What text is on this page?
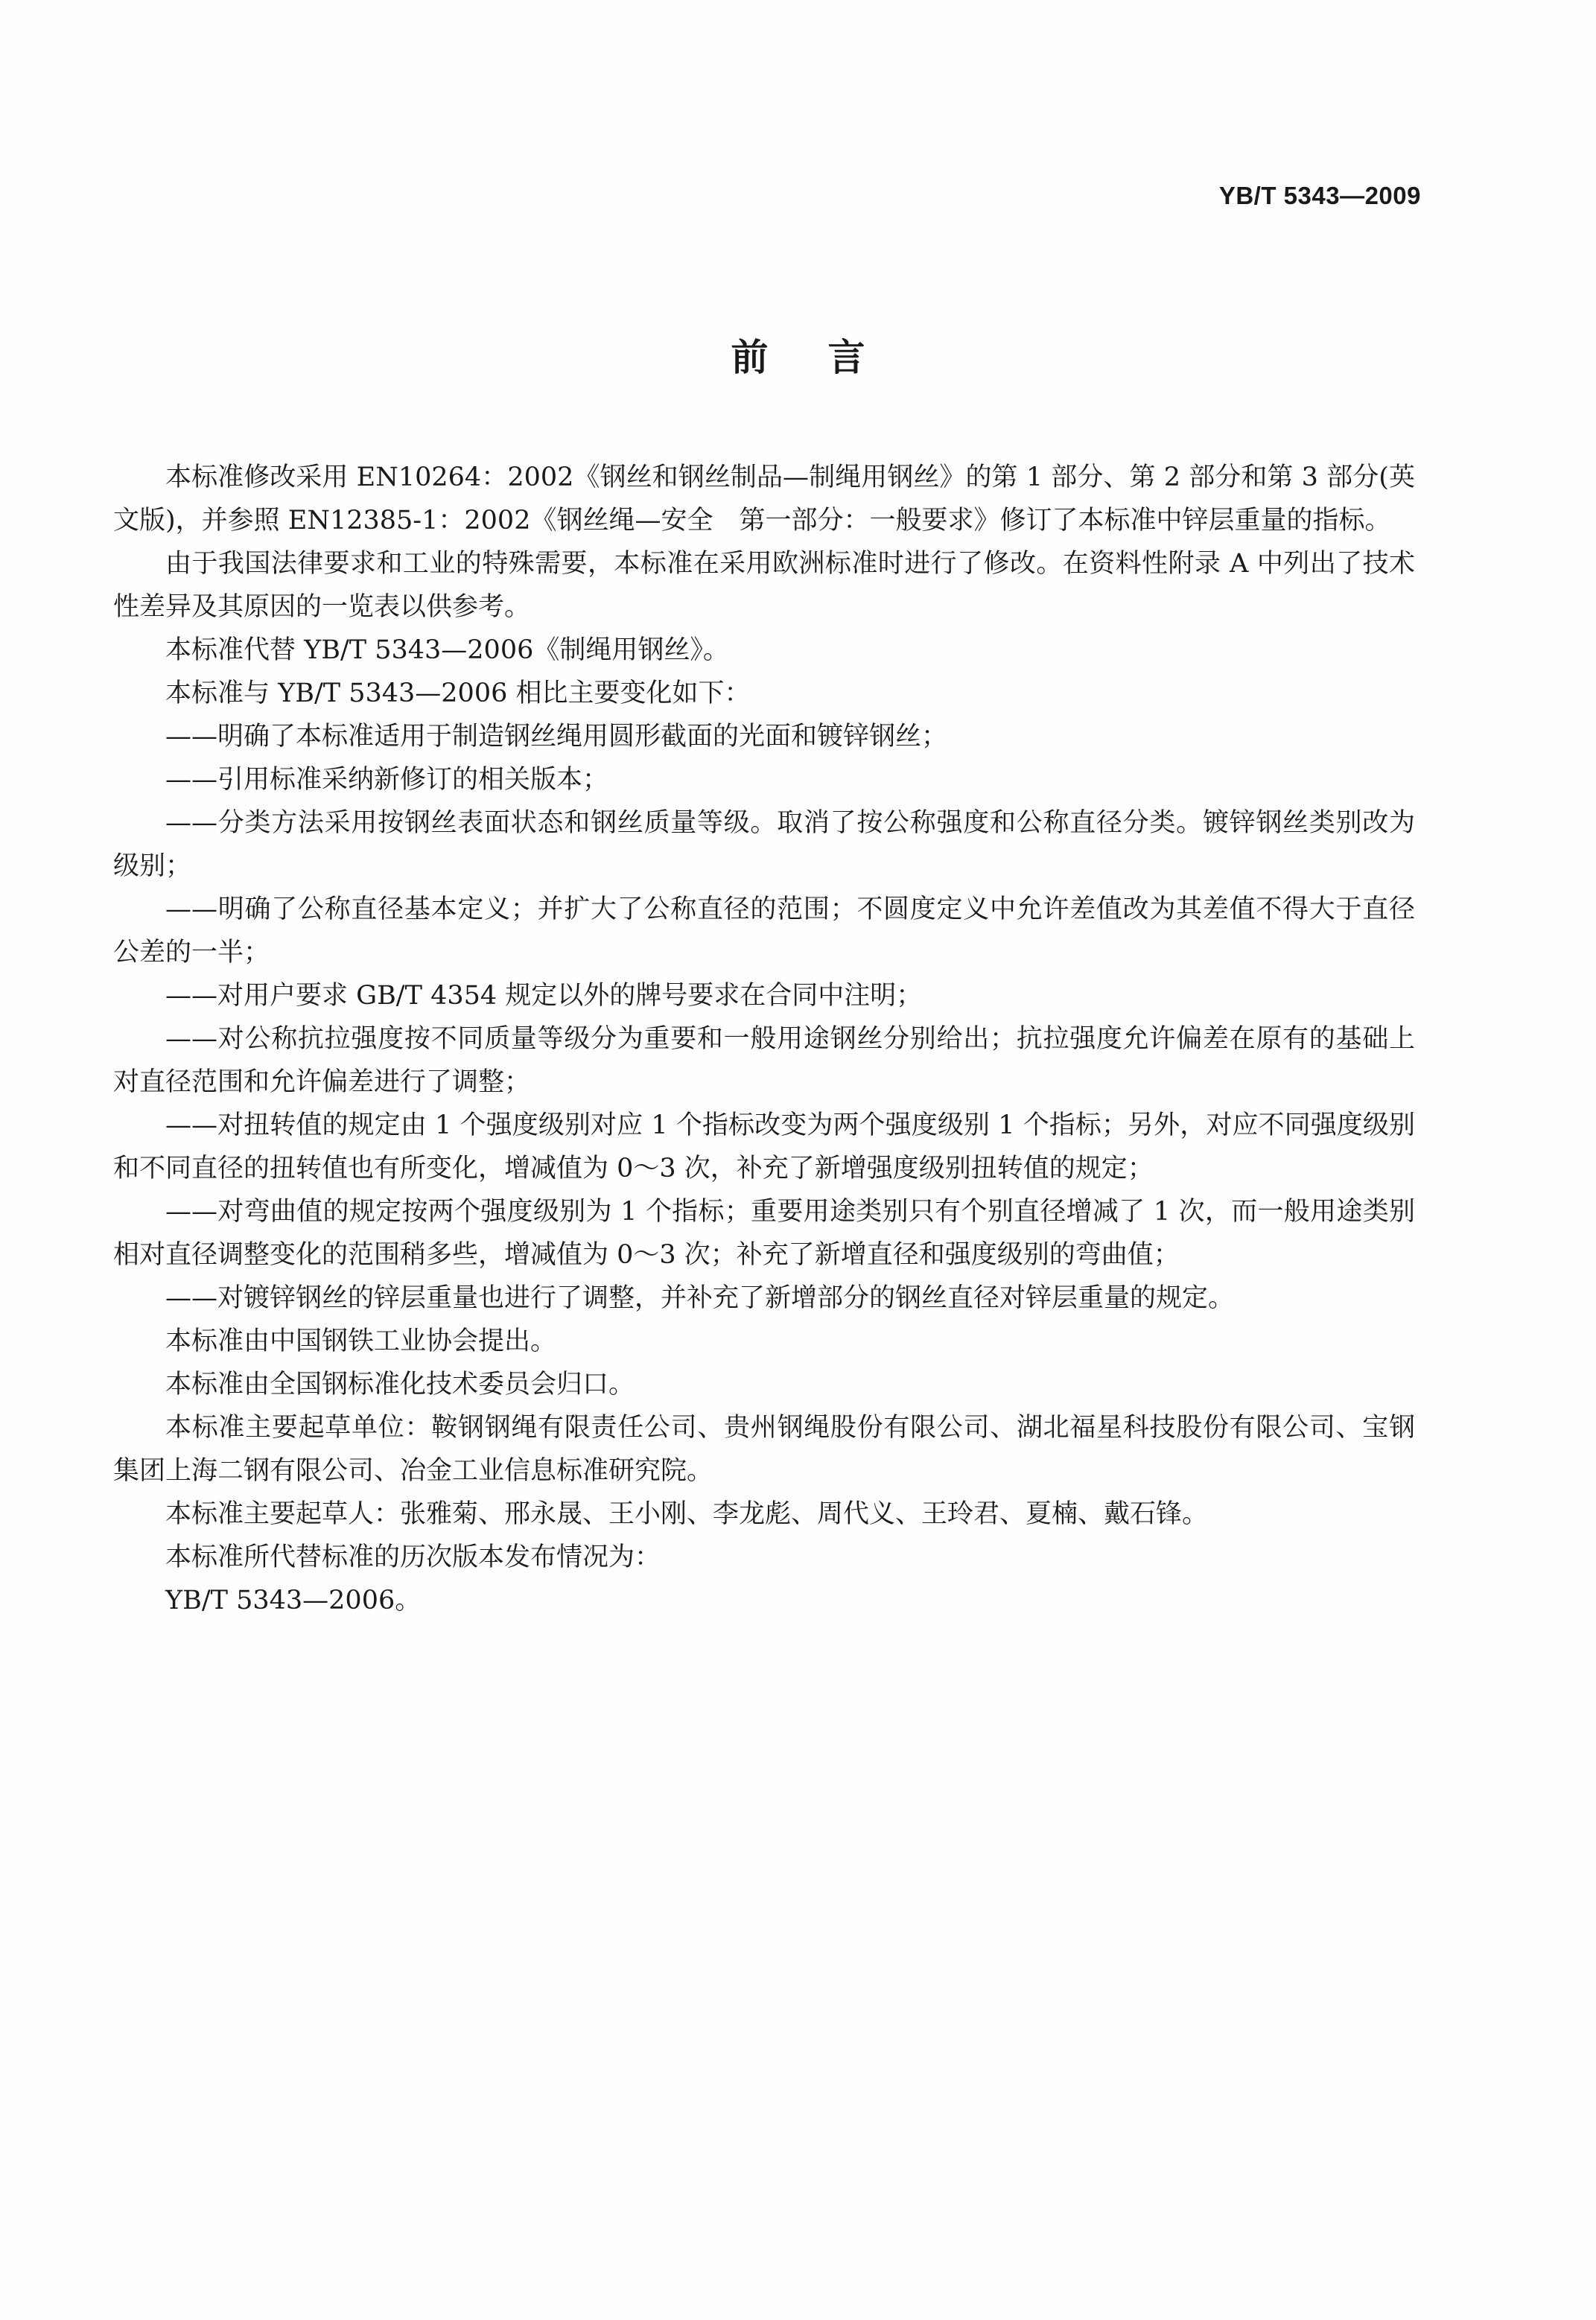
YB/T 5343—2009
前言

本标准修改采用 EN10264：2002《钢丝和钢丝制品—制绳用钢丝》的第 1 部分、第 2 部分和第 3 部分(英文版)，并参照 EN12385-1：2002《钢丝绳—安全　第一部分：一般要求》修订了本标准中锌层重量的指标。

由于我国法律要求和工业的特殊需要，本标准在采用欧洲标准时进行了修改。在资料性附录 A 中列出了技术性差异及其原因的一览表以供参考。

本标准代替 YB/T 5343—2006《制绳用钢丝》。

本标准与 YB/T 5343—2006 相比主要变化如下：

——明确了本标准适用于制造钢丝绳用圆形截面的光面和镀锌钢丝；

——引用标准采纳新修订的相关版本；

——分类方法采用按钢丝表面状态和钢丝质量等级。取消了按公称强度和公称直径分类。镀锌钢丝类别改为级别；

——明确了公称直径基本定义；并扩大了公称直径的范围；不圆度定义中允许差值改为其差值不得大于直径公差的一半；

——对用户要求 GB/T 4354 规定以外的牌号要求在合同中注明；

——对公称抗拉强度按不同质量等级分为重要和一般用途钢丝分别给出；抗拉强度允许偏差在原有的基础上对直径范围和允许偏差进行了调整；

——对扭转值的规定由 1 个强度级别对应 1 个指标改变为两个强度级别 1 个指标；另外，对应不同强度级别和不同直径的扭转值也有所变化，增减值为 0～3 次，补充了新增强度级别扭转值的规定；

——对弯曲值的规定按两个强度级别为 1 个指标；重要用途类别只有个别直径增减了 1 次，而一般用途类别相对直径调整变化的范围稍多些，增减值为 0～3 次；补充了新增直径和强度级别的弯曲值；

——对镀锌钢丝的锌层重量也进行了调整，并补充了新增部分的钢丝直径对锌层重量的规定。

本标准由中国钢铁工业协会提出。

本标准由全国钢标准化技术委员会归口。

本标准主要起草单位：鞍钢钢绳有限责任公司、贵州钢绳股份有限公司、湖北福星科技股份有限公司、宝钢集团上海二钢有限公司、冶金工业信息标准研究院。

本标准主要起草人：张雅菊、邢永晟、王小刚、李龙彪、周代义、王玲君、夏楠、戴石锋。

本标准所代替标准的历次版本发布情况为：

YB/T 5343—2006。
